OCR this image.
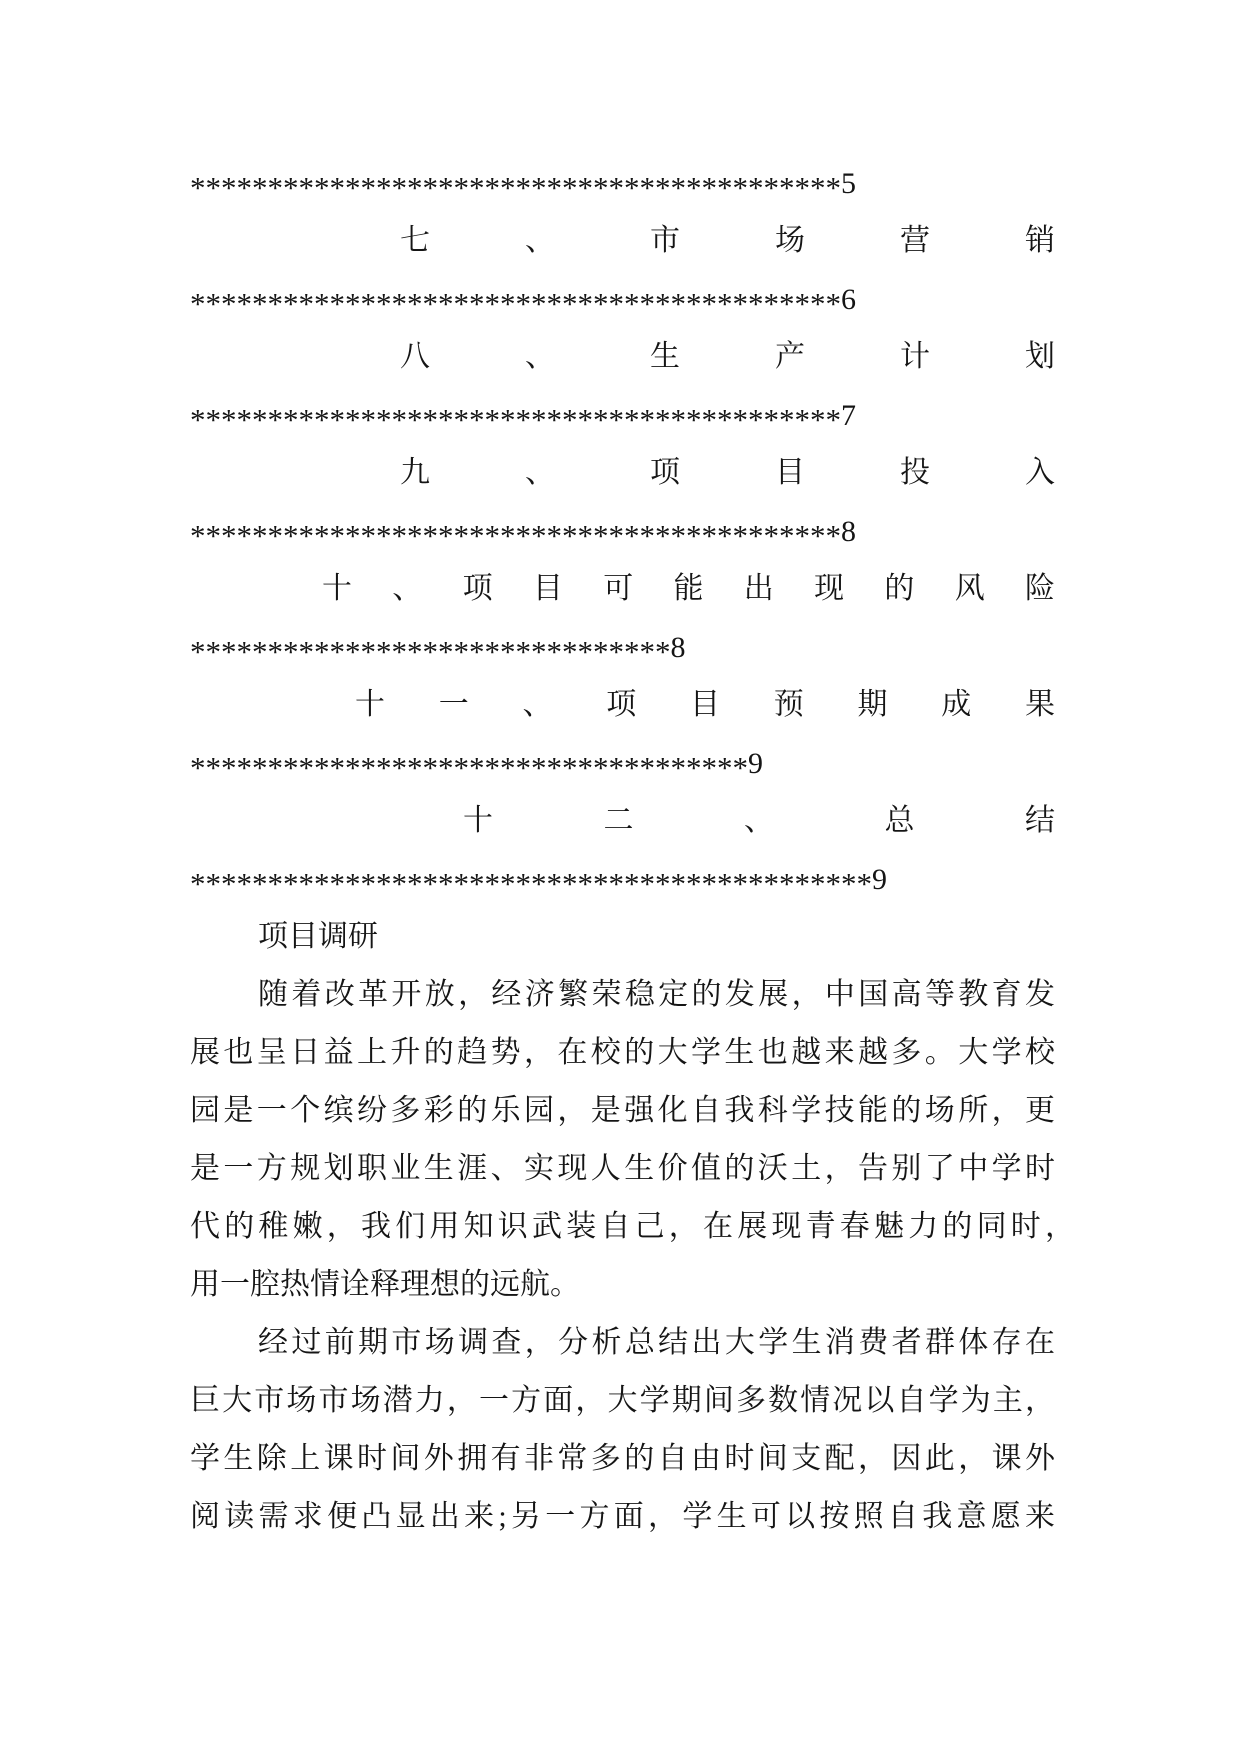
******************************************5
七、市场营销
******************************************6
八、生产计划
******************************************7
九、项目投入
******************************************8
十、项目可能出现的风险
*******************************8
十一、项目预期成果
************************************9
十二、总结
********************************************9
项目调研
随着改革开放，经济繁荣稳定的发展，中国高等教育发
展也呈日益上升的趋势，在校的大学生也越来越多。大学校
园是一个缤纷多彩的乐园，是强化自我科学技能的场所，更
是一方规划职业生涯、实现人生价值的沃土，告别了中学时
代的稚嫩，我们用知识武装自己，在展现青春魅力的同时，
用一腔热情诠释理想的远航。
经过前期市场调查，分析总结出大学生消费者群体存在
巨大市场市场潜力，一方面，大学期间多数情况以自学为主，
学生除上课时间外拥有非常多的自由时间支配，因此，课外
阅读需求便凸显出来;另一方面，学生可以按照自我意愿来
